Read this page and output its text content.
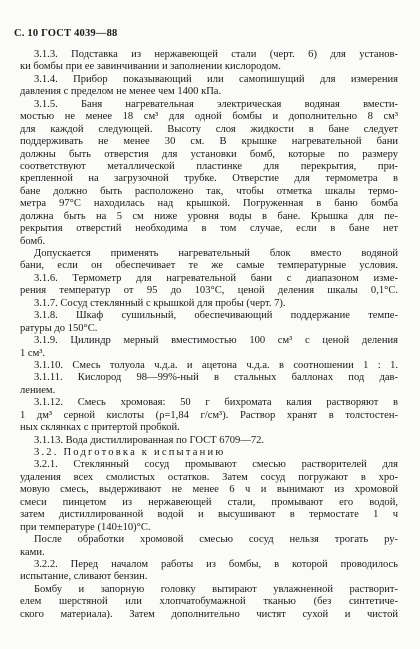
С. 10 ГОСТ 4039—88
3.1.3. Подставка из нержавеющей стали (черт. 6) для установ-
ки бомбы при ее завинчивании и заполнении кислородом.
3.1.4. Прибор показывающий или самопишущий для измерения
давления с пределом не менее чем 1400 кПа.
3.1.5. Баня нагревательная электрическая водяная вмести-
мостью не менее 18 см³ для одной бомбы и дополнительно 8 см³
для каждой следующей. Высоту слоя жидкости в бане следует
поддерживать не менее 30 см. В крышке нагревательной бани
должны быть отверстия для установки бомб, которые по размеру
соответствуют металлической пластинке для перекрытия, при-
крепленной на загрузочной трубке. Отверстие для термометра в
бане должно быть расположено так, чтобы отметка шкалы термо-
метра 97°С находилась над крышкой. Погруженная в баню бомба
должна быть на 5 см ниже уровня воды в бане. Крышка для пе-
рекрытия отверстий необходима в том случае, если в бане нет
бомб.
Допускается применять нагревательный блок вместо водяной
бани, если он обеспечивает те же самые температурные условия.
3.1.6. Термометр для нагревательной бани с диапазоном изме-
рения температур от 95 до 103°С, ценой деления шкалы 0,1°С.
3.1.7. Сосуд стеклянный с крышкой для пробы (черт. 7).
3.1.8. Шкаф сушильный, обеспечивающий поддержание темпе-
ратуры до 150°С.
3.1.9. Цилиндр мерный вместимостью 100 см³ с ценой деления
1 см³.
3.1.10. Смесь толуола ч.д.а. и ацетона ч.д.а. в соотношении 1 : 1.
3.1.11. Кислород 98—99%-ный в стальных баллонах под дав-
лением.
3.1.12. Смесь хромовая: 50 г бихромата калия растворяют в
1 дм³ серной кислоты (ρ=1,84 г/см³). Раствор хранят в толстостен-
ных склянках с притертой пробкой.
3.1.13. Вода дистиллированная по ГОСТ 6709—72.
3.2. Подготовка к испытанию
3.2.1. Стеклянный сосуд промывают смесью растворителей для
удаления всех смолистых остатков. Затем сосуд погружают в хро-
мовую смесь, выдерживают не менее 6 ч и вынимают из хромовой
смеси пинцетом из нержавеющей стали, промывают его водой,
затем дистиллированной водой и высушивают в термостате 1 ч
при температуре (140±10)°С.
После обработки хромовой смесью сосуд нельзя трогать ру-
ками.
3.2.2. Перед началом работы из бомбы, в которой проводилось
испытание, сливают бензин.
Бомбу и запорную головку вытирают увлажненной растворит-
елем шерстяной или хлопчатобумажной тканью (без синтетиче-
ского материала). Затем дополнительно чистят сухой и чистой
